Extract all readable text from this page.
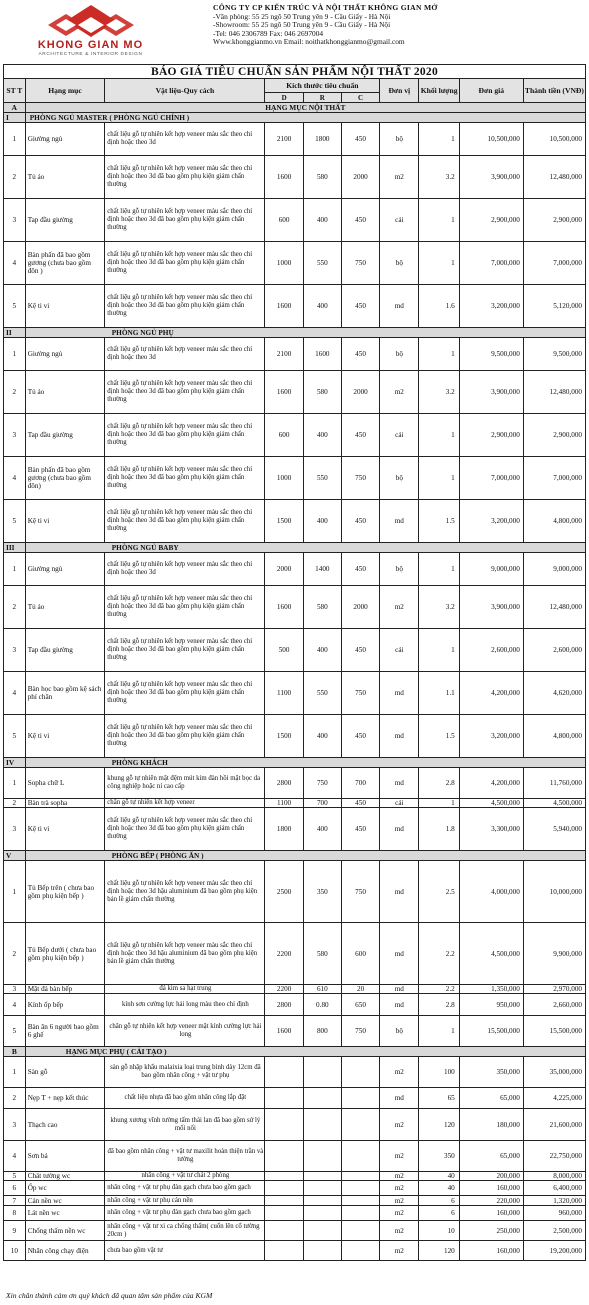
KHONG GIAN MO
ARCHITECTURE & INTERIOR DESIGN
CÔNG TY CP KIẾN TRÚC VÀ NỘI THẤT KHÔNG GIAN MỞ
-Văn phòng: 55 25 ngõ 50 Trung yên 9 - Cầu Giấy - Hà Nội
-Showroom: 55 25 ngõ 50 Trung yên 9 - Cầu Giấy - Hà Nội
-Tel: 046 2306789 Fax: 046 2697004
Www.khonggianmo.vn Email: noithatkhonggianmo@gmail.com
BÁO GIÁ TIÊU CHUẨN SẢN PHẨM NỘI THẤT 2020									
ST T	Hạng mục	Vật liệu-Quy cách	Kích thước tiêu chuẩn			Đơn vị	Khối lượng	Đơn giá	Thành tiền (VNĐ)
			D	R	C				
A	HẠNG MỤC NỘI THẤT								
I	PHÒNG NGỦ MASTER ( PHÒNG NGỦ CHÍNH )								
1	Giường ngủ	chất liệu gỗ tự nhiên kết hợp veneer màu sắc theo chỉ định hoặc theo 3d	2100	1800	450	bộ	1	10,500,000	10,500,000
2	Tủ áo	chất liệu gỗ tự nhiên kết hợp veneer màu sắc theo chỉ định hoặc theo 3d đã bao gồm phụ kiện giảm chấn thường	1600	580	2000	m2	3.2	3,900,000	12,480,000
3	Tap đầu giường	chất liệu gỗ tự nhiên kết hợp veneer màu sắc theo chỉ định hoặc theo 3d đã bao gồm phụ kiện giảm chấn thường	600	400	450	cái	1	2,900,000	2,900,000
4	Bàn phấn đã bao gồm gương (chưa bao gồm đôn )	chất liệu gỗ tự nhiên kết hợp veneer màu sắc theo chỉ định hoặc theo 3d đã bao gồm phụ kiện giảm chấn thường	1000	550	750	bộ	1	7,000,000	7,000,000
5	Kệ ti vi	chất liệu gỗ tự nhiên kết hợp veneer màu sắc theo chỉ định hoặc theo 3d đã bao gồm phụ kiện giảm chấn thường	1600	400	450	md	1.6	3,200,000	5,120,000
II	PHÒNG NGỦ PHỤ								
1	Giường ngủ	chất liệu gỗ tự nhiên kết hợp veneer màu sắc theo chỉ định hoặc theo 3d	2100	1600	450	bộ	1	9,500,000	9,500,000
2	Tủ áo	chất liệu gỗ tự nhiên kết hợp veneer màu sắc theo chỉ định hoặc theo 3d đã bao gồm phụ kiện giảm chấn thường	1600	580	2000	m2	3.2	3,900,000	12,480,000
3	Tap đầu giường	chất liệu gỗ tự nhiên kết hợp veneer màu sắc theo chỉ định hoặc theo 3d đã bao gồm phụ kiện giảm chấn thường	600	400	450	cái	1	2,900,000	2,900,000
4	Bàn phấn đã bao gồm gương (chưa bao gồm đôn)	chất liệu gỗ tự nhiên kết hợp veneer màu sắc theo chỉ định hoặc theo 3d đã bao gồm phụ kiện giảm chấn thường	1000	550	750	bộ	1	7,000,000	7,000,000
5	Kệ ti vi	chất liệu gỗ tự nhiên kết hợp veneer màu sắc theo chỉ định hoặc theo 3d đã bao gồm phụ kiện giảm chấn thường	1500	400	450	md	1.5	3,200,000	4,800,000
III	PHÒNG NGỦ BABY								
1	Giường ngủ	chất liệu gỗ tự nhiên kết hợp veneer màu sắc theo chỉ định hoặc theo 3d	2000	1400	450	bộ	1	9,000,000	9,000,000
2	Tủ áo	chất liệu gỗ tự nhiên kết hợp veneer màu sắc theo chỉ định hoặc theo 3d đã bao gồm phụ kiện giảm chấn thường	1600	580	2000	m2	3.2	3,900,000	12,480,000
3	Tap đầu giường	chất liệu gỗ tự nhiên kết hợp veneer màu sắc theo chỉ định hoặc theo 3d đã bao gồm phụ kiện giảm chấn thường	500	400	450	cái	1	2,600,000	2,600,000
4	Bàn học bao gồm kệ sách phí chân	chất liệu gỗ tự nhiên kết hợp veneer màu sắc theo chỉ định hoặc theo 3d đã bao gồm phụ kiện giảm chấn thường	1100	550	750	md	1.1	4,200,000	4,620,000
5	Kệ ti vi	chất liệu gỗ tự nhiên kết hợp veneer màu sắc theo chỉ định hoặc theo 3d đã bao gồm phụ kiện giảm chấn thường	1500	400	450	md	1.5	3,200,000	4,800,000
IV	PHÒNG KHÁCH								
1	Sopha chữ L	khung gỗ tự nhiên mặt đệm mút kim đàn hồi mặt bọc da công nghiệp hoặc nỉ cao cấp	2800	750	700	md	2.8	4,200,000	11,760,000
2	Bàn trà sopha	chân gỗ tự nhiên kết hợp veneer	1100	700	450	cái	1	4,500,000	4,500,000
3	Kệ ti vi	chất liệu gỗ tự nhiên kết hợp veneer màu sắc theo chỉ định hoặc theo 3d đã bao gồm phụ kiện giảm chấn thường	1800	400	450	md	1.8	3,300,000	5,940,000
V	PHÒNG BẾP ( PHÒNG ĂN )								
1	Tủ Bếp trên ( chưa bao gồm phụ kiện bếp )	chất liệu gỗ tự nhiên kết hợp veneer màu sắc theo chỉ định hoặc theo 3d hậu aluminium đã bao gồm phụ kiện bản lề giảm chấn thường	2500	350	750	md	2.5	4,000,000	10,000,000
2	Tủ Bếp dưới ( chưa bao gồm phụ kiện bếp )	chất liệu gỗ tự nhiên kết hợp veneer màu sắc theo chỉ định hoặc theo 3d hậu aluminium đã bao gồm phụ kiện bản lề giảm chấn thường	2200	580	600	md	2.2	4,500,000	9,900,000
3	Mặt đá bàn bếp	đá kim sa hạt trung	2200	610	20	md	2.2	1,350,000	2,970,000
4	Kính ốp bếp	kính sơn cường lực hải long màu theo chỉ định	2800	0.80	650	md	2.8	950,000	2,660,000
5	Bàn ăn 6 người bao gồm 6 ghế	chân gỗ tự nhiên kết hợp veneer mặt kính cường lực hải long	1600	800	750	bộ	1	15,500,000	15,500,000
B	HẠNG MỤC PHỤ ( CẢI TẠO )								
1	Sàn gỗ	sàn gỗ nhập khẩu malaixia loại trung bình dày 12cm đã bao gồm nhân công + vật tư phụ				m2	100	350,000	35,000,000
2	Nẹp T + nẹp kết thúc	chất liệu nhựa đã bao gồm nhân công lắp đặt				md	65	65,000	4,225,000
3	Thạch cao	khung xương vĩnh tường tấm thái lan đã bao gồm sử lý mối nối				m2	120	180,000	21,600,000
4	Sơn bả	đã bao gồm nhân công + vật tư maxilit hoàn thiện trần và tường				m2	350	65,000	22,750,000
5	Chát tường wc	nhân công + vật tư chát 2 phòng				m2	40	200,000	8,000,000
6	Ốp wc	nhân công + vật tư phụ đàn gạch chưa bao gồm gạch				m2	40	160,000	6,400,000
7	Cán nền wc	nhân công + vật tư phụ cán nền				m2	6	220,000	1,320,000
8	Lát nền wc	nhân công + vật tư phụ đàn gạch chưa bao gồm gạch				m2	6	160,000	960,000
9	Chống thấm nền wc	nhân công + vật tư xi ca chống thấm( cuốn lên cổ tường 20cm )				m2	10	250,000	2,500,000
10	Nhân công chạy điện	chưa bao gồm vật tư				m2	120	160,000	19,200,000
Xin chân thành cảm ơn quý khách đã quan tâm sản phẩm của KGM
